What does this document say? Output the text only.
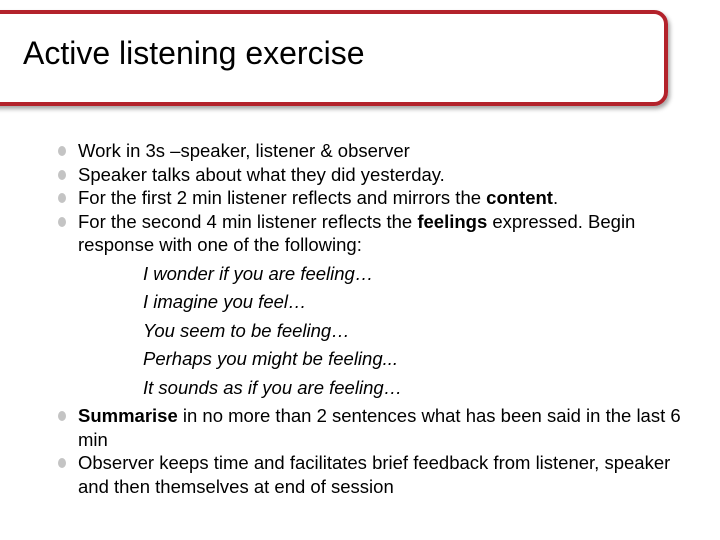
Active listening exercise
Work in 3s –speaker, listener & observer
Speaker talks about what they did yesterday.
For the first 2 min listener reflects and mirrors the content.
For the second 4 min listener reflects the feelings expressed. Begin response with one of the following:
I wonder if you are feeling…
I imagine you feel…
You seem to be feeling…
Perhaps you might be feeling...
It sounds as if you are feeling…
Summarise in no more than 2 sentences what has been said in the last 6 min
Observer keeps time and facilitates brief feedback from listener, speaker and then themselves at end of session
